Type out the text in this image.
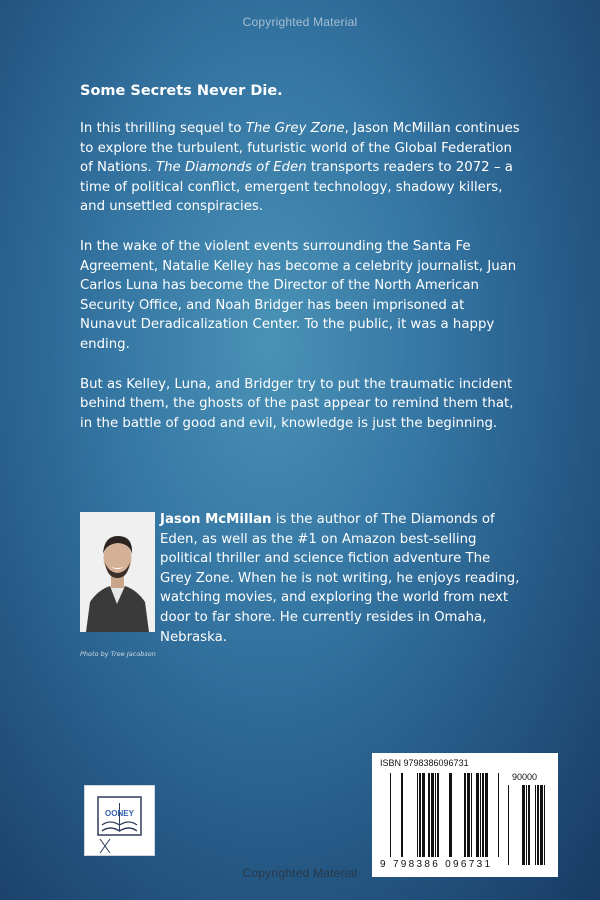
Copyrighted Material

Some Secrets Never Die.

In this thrilling sequel to The Grey Zone, Jason McMillan continues to explore the turbulent, futuristic world of the Global Federation of Nations. The Diamonds of Eden transports readers to 2072 – a time of political conflict, emergent technology, shadowy killers, and unsettled conspiracies.

In the wake of the violent events surrounding the Santa Fe Agreement, Natalie Kelley has become a celebrity journalist, Juan Carlos Luna has become the Director of the North American Security Office, and Noah Bridger has been imprisoned at Nunavut Deradicalization Center. To the public, it was a happy ending.

But as Kelley, Luna, and Bridger try to put the traumatic incident behind them, the ghosts of the past appear to remind them that, in the battle of good and evil, knowledge is just the beginning.

Jason McMillan is the author of The Diamonds of Eden, as well as the #1 on Amazon best-selling political thriller and science fiction adventure The Grey Zone. When he is not writing, he enjoys reading, watching movies, and exploring the world from next door to far shore. He currently resides in Omaha, Nebraska.
Photo by Tree Jacobson
OONEY
ISBN 9798386096731
90000
9 798386 096731
Copyrighted Material
